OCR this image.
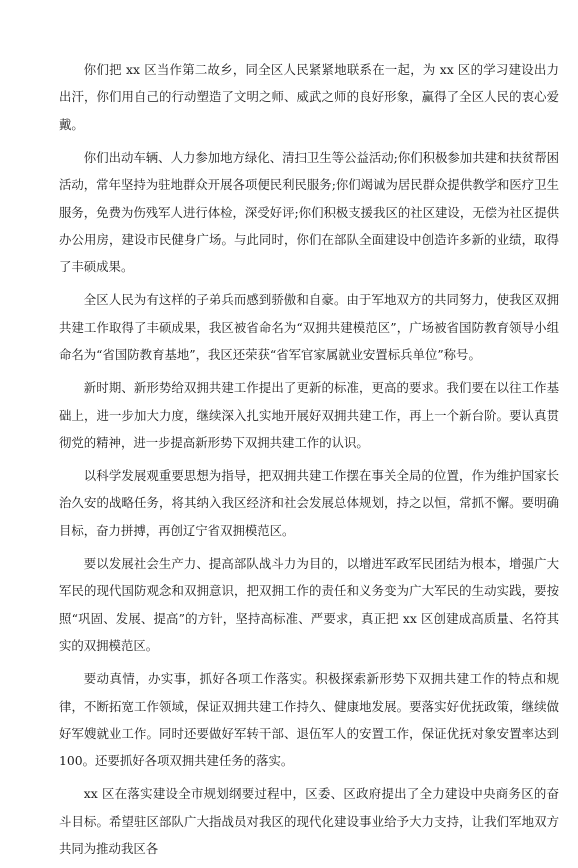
你们把 xx 区当作第二故乡，同全区人民紧紧地联系在一起，为 xx 区的学习建设出力出汗，你们用自己的行动塑造了文明之师、威武之师的良好形象，赢得了全区人民的衷心爱戴。

你们出动车辆、人力参加地方绿化、清扫卫生等公益活动;你们积极参加共建和扶贫帮困活动，常年坚持为驻地群众开展各项便民利民服务;你们竭诚为居民群众提供教学和医疗卫生服务，免费为伤残军人进行体检，深受好评;你们积极支援我区的社区建设，无偿为社区提供办公用房，建设市民健身广场。与此同时，你们在部队全面建设中创造许多新的业绩，取得了丰硕成果。

全区人民为有这样的子弟兵而感到骄傲和自豪。由于军地双方的共同努力，使我区双拥共建工作取得了丰硕成果，我区被省命名为“双拥共建模范区”，广场被省国防教育领导小组命名为“省国防教育基地”，我区还荣获“省军官家属就业安置标兵单位”称号。

新时期、新形势给双拥共建工作提出了更新的标准，更高的要求。我们要在以往工作基础上，进一步加大力度，继续深入扎实地开展好双拥共建工作，再上一个新台阶。要认真贯彻党的精神，进一步提高新形势下双拥共建工作的认识。

以科学发展观重要思想为指导，把双拥共建工作摆在事关全局的位置，作为维护国家长治久安的战略任务，将其纳入我区经济和社会发展总体规划，持之以恒，常抓不懈。要明确目标，奋力拼搏，再创辽宁省双拥模范区。

要以发展社会生产力、提高部队战斗力为目的，以增进军政军民团结为根本，增强广大军民的现代国防观念和双拥意识，把双拥工作的责任和义务变为广大军民的生动实践，要按照“巩固、发展、提高”的方针，坚持高标准、严要求，真正把 xx 区创建成高质量、名符其实的双拥模范区。

要动真情，办实事，抓好各项工作落实。积极探索新形势下双拥共建工作的特点和规律，不断拓宽工作领域，保证双拥共建工作持久、健康地发展。要落实好优抚政策，继续做好军嫂就业工作。同时还要做好军转干部、退伍军人的安置工作，保证优抚对象安置率达到 100。还要抓好各项双拥共建任务的落实。

xx 区在落实建设全市规划纲要过程中，区委、区政府提出了全力建设中央商务区的奋斗目标。希望驻区部队广大指战员对我区的现代化建设事业给予大力支持，让我们军地双方共同为推动我区各
